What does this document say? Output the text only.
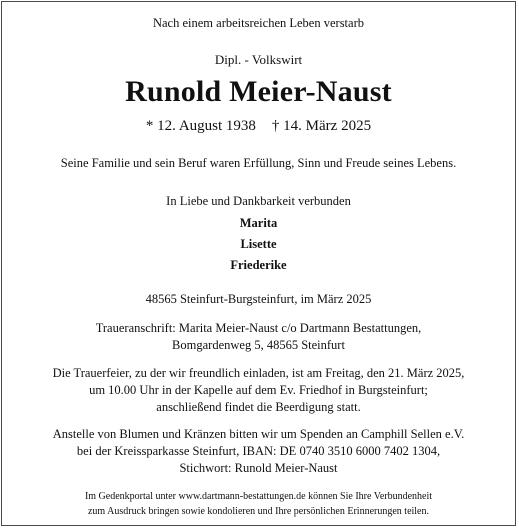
Nach einem arbeitsreichen Leben verstarb
Dipl. - Volkswirt
Runold Meier-Naust
* 12. August 1938 † 14. März 2025
Seine Familie und sein Beruf waren Erfüllung, Sinn und Freude seines Lebens.
In Liebe und Dankbarkeit verbunden
Marita
Lisette
Friederike
48565 Steinfurt-Burgsteinfurt, im März 2025
Traueranschrift: Marita Meier-Naust c/o Dartmann Bestattungen,
Bomgardenweg 5, 48565 Steinfurt
Die Trauerfeier, zu der wir freundlich einladen, ist am Freitag, den 21. März 2025,
um 10.00 Uhr in der Kapelle auf dem Ev. Friedhof in Burgsteinfurt;
anschließend findet die Beerdigung statt.
Anstelle von Blumen und Kränzen bitten wir um Spenden an Camphill Sellen e.V.
bei der Kreissparkasse Steinfurt, IBAN: DE 0740 3510 6000 7402 1304,
Stichwort: Runold Meier-Naust
Im Gedenkportal unter www.dartmann-bestattungen.de können Sie Ihre Verbundenheit
zum Ausdruck bringen sowie kondolieren und Ihre persönlichen Erinnerungen teilen.
